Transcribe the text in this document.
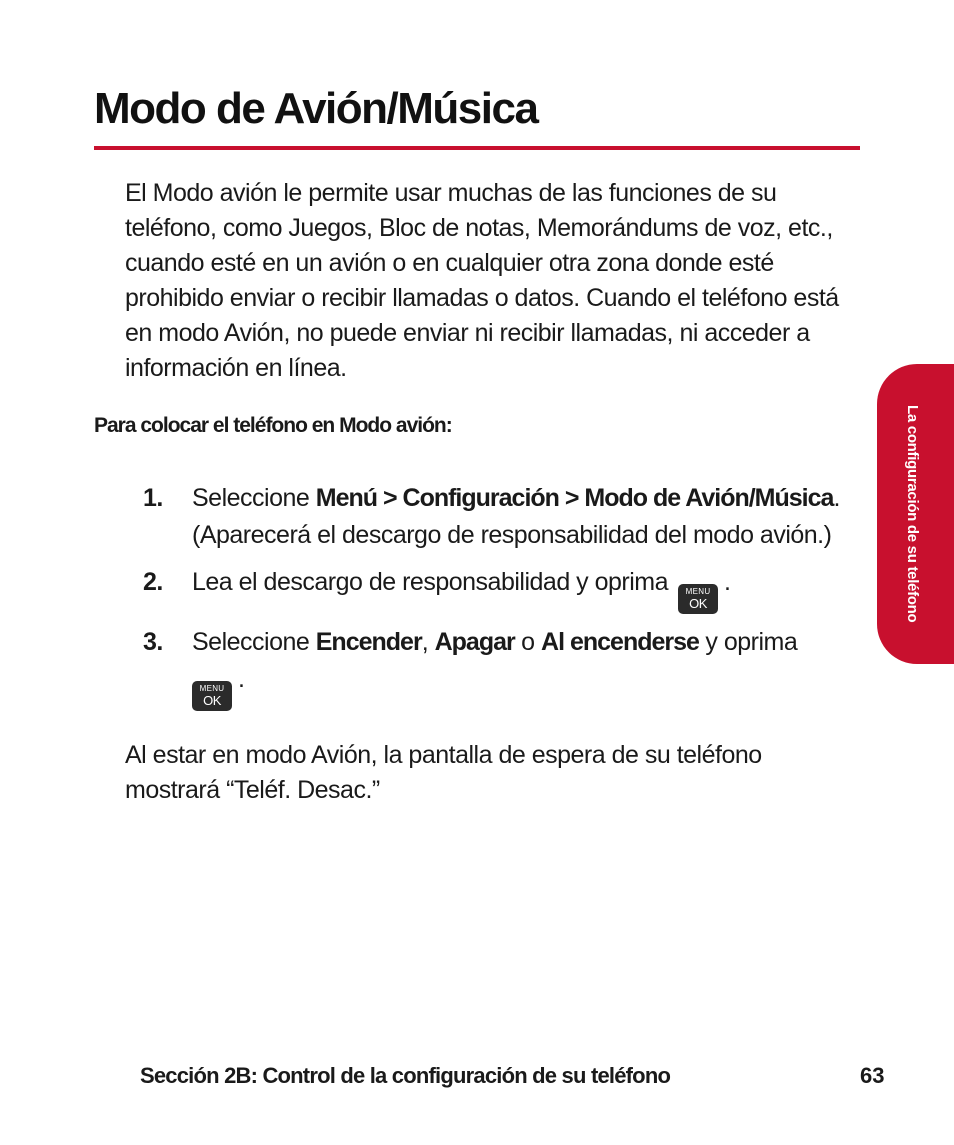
Modo de Avión/Música

El Modo avión le permite usar muchas de las funciones de su teléfono, como Juegos, Bloc de notas, Memorándums de voz, etc., cuando esté en un avión o en cualquier otra zona donde esté prohibido enviar o recibir llamadas o datos. Cuando el teléfono está en modo Avión, no puede enviar ni recibir llamadas, ni acceder a información en línea.

Para colocar el teléfono en Modo avión:

1.	Seleccione Menú > Configuración > Modo de Avión/Música. (Aparecerá el descargo de responsabilidad del modo avión.)
2.	Lea el descargo de responsabilidad y oprima MENU
OK
.
3.	Seleccione Encender, Apagar o Al encenderse y oprima

MENU
OK
.

Al estar en modo Avión, la pantalla de espera de su teléfono mostrará “Teléf. Desac.”

La configuración de su teléfono
Sección 2B: Control de la configuración de su teléfono	63
